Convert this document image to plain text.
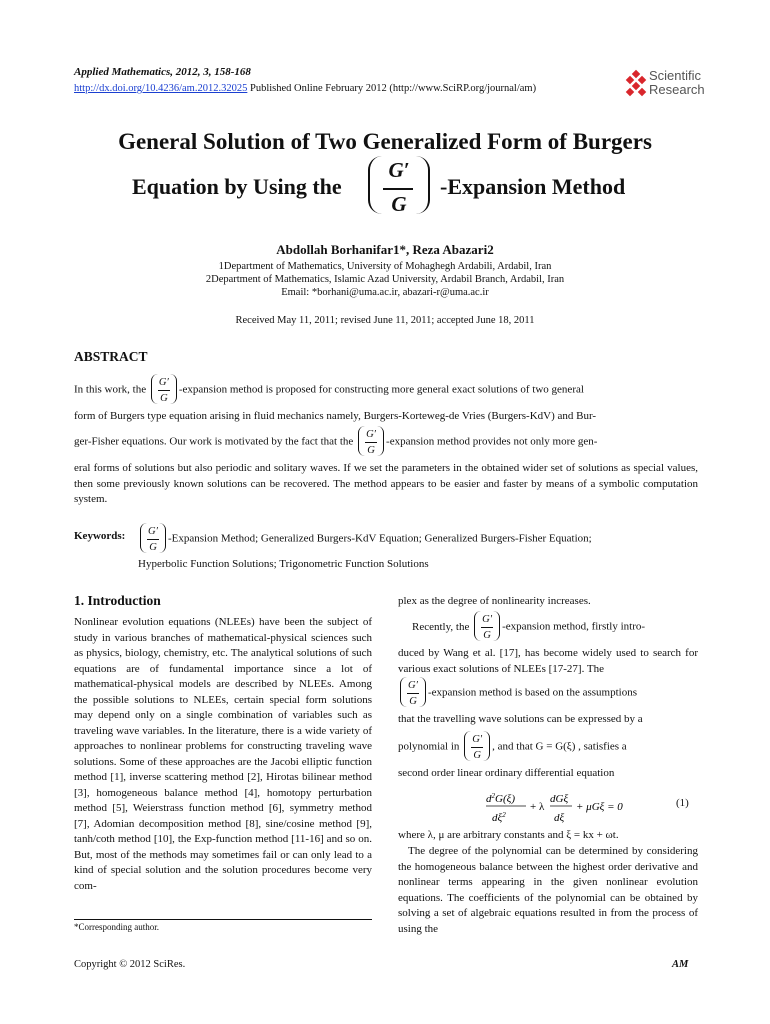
Applied Mathematics, 2012, 3, 158-168
http://dx.doi.org/10.4236/am.2012.32025 Published Online February 2012 (http://www.SciRP.org/journal/am)
Scientific
Research
General Solution of Two Generalized Form of Burgers
Equation by Using the
G′
G
-Expansion Method
Abdollah Borhanifar1*, Reza Abazari2
1Department of Mathematics, University of Mohaghegh Ardabili, Ardabil, Iran
2Department of Mathematics, Islamic Azad University, Ardabil Branch, Ardabil, Iran
Email: *borhani@uma.ac.ir, abazari-r@uma.ac.ir
Received May 11, 2011; revised June 11, 2011; accepted June 18, 2011
ABSTRACT
In this work, the $\frac{G'}{G}$ -expansion method is proposed for constructing more general exact solutions of two general
form of Burgers type equation arising in fluid mechanics namely, Burgers-Korteweg-de Vries (Burgers-KdV) and Bur-
ger-Fisher equations. Our work is motivated by the fact that the $\frac{G'}{G}$ -expansion method provides not only more gen-
eral forms of solutions but also periodic and solitary waves. If we set the parameters in the obtained wider set of solutions as special values, then some previously known solutions can be recovered. The method appears to be easier and faster by means of a symbolic computation system.
Keywords: $\frac{G'}{G}$ -Expansion Method; Generalized Burgers-KdV Equation; Generalized Burgers-Fisher Equation;
Hyperbolic Function Solutions; Trigonometric Function Solutions
1. Introduction
Nonlinear evolution equations (NLEEs) have been the subject of study in various branches of mathematical-physical sciences such as physics, biology, chemistry, etc. The analytical solutions of such equations are of fundamental importance since a lot of mathematical-physical models are described by NLEEs. Among the possible solutions to NLEEs, certain special form solutions may depend only on a single combination of variables such as traveling wave variables. In the literature, there is a wide variety of approaches to nonlinear problems for constructing traveling wave solutions. Some of these approaches are the Jacobi elliptic function method [1], inverse scattering method [2], Hirotas bilinear method [3], homogeneous balance method [4], homotopy perturbation method [5], Weierstrass function method [6], symmetry method [7], Adomian decomposition method [8], sine/cosine method [9], tanh/coth method [10], the Exp-function method [11-16] and so on. But, most of the methods may sometimes fail or can only lead to a kind of special solution and the solution procedures become very com-
*Corresponding author.
plex as the degree of nonlinearity increases.
Recently, the $\frac{G'}{G}$ -expansion method, firstly intro-
duced by Wang et al. [17], has become widely used to search for various exact solutions of NLEEs [17-27]. The
$\frac{G'}{G}$ -expansion method is based on the assumptions
that the travelling wave solutions can be expressed by a
polynomial in $\frac{G'}{G}$ , and that G = G(ξ) , satisfies a
second order linear ordinary differential equation
$d^2G(\xi)$
$d\xi^2$
+ λ
dGξ
dξ
+ μGξ = 0	(1)
where λ, μ are arbitrary constants and ξ = kx + ωt.
The degree of the polynomial can be determined by considering the homogeneous balance between the highest order derivative and nonlinear terms appearing in the given nonlinear evolution equations. The coefficients of the polynomial can be obtained by solving a set of algebraic equations resulted in from the process of using the
Copyright © 2012 SciRes.	AM
